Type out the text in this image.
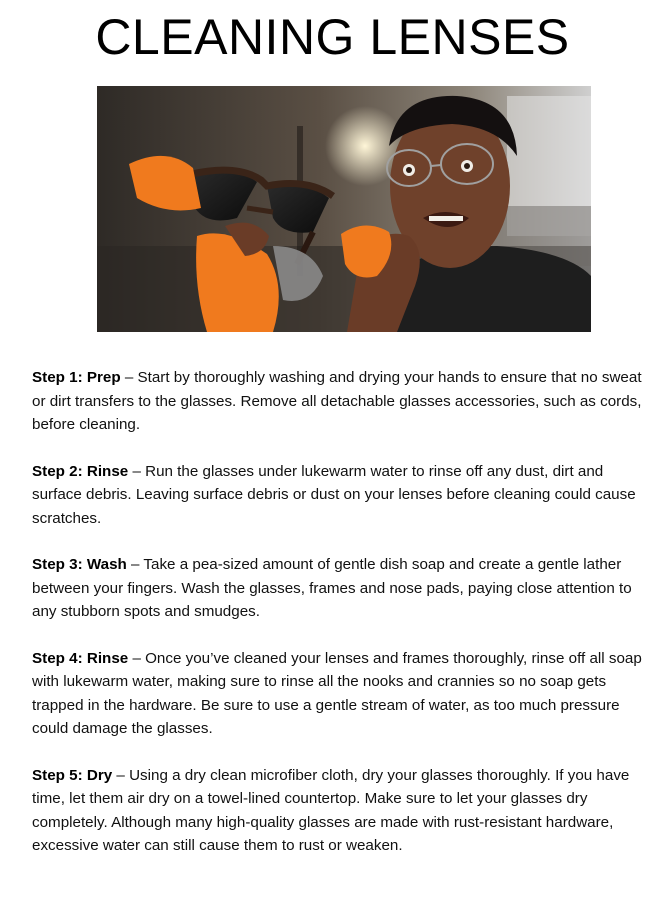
CLEANING LENSES

Step 1: Prep – Start by thoroughly washing and drying your hands to ensure that no sweat or dirt transfers to the glasses. Remove all detachable glasses accessories, such as cords, before cleaning.

Step 2: Rinse – Run the glasses under lukewarm water to rinse off any dust, dirt and surface debris. Leaving surface debris or dust on your lenses before cleaning could cause scratches.

Step 3: Wash – Take a pea-sized amount of gentle dish soap and create a gentle lather between your fingers. Wash the glasses, frames and nose pads, paying close attention to any stubborn spots and smudges.

Step 4: Rinse – Once you’ve cleaned your lenses and frames thoroughly, rinse off all soap with lukewarm water, making sure to rinse all the nooks and crannies so no soap gets trapped in the hardware. Be sure to use a gentle stream of water, as too much pressure could damage the glasses.

Step 5: Dry – Using a dry clean microfiber cloth, dry your glasses thoroughly. If you have time, let them air dry on a towel-lined countertop. Make sure to let your glasses dry completely. Although many high-quality glasses are made with rust-resistant hardware, excessive water can still cause them to rust or weaken.
